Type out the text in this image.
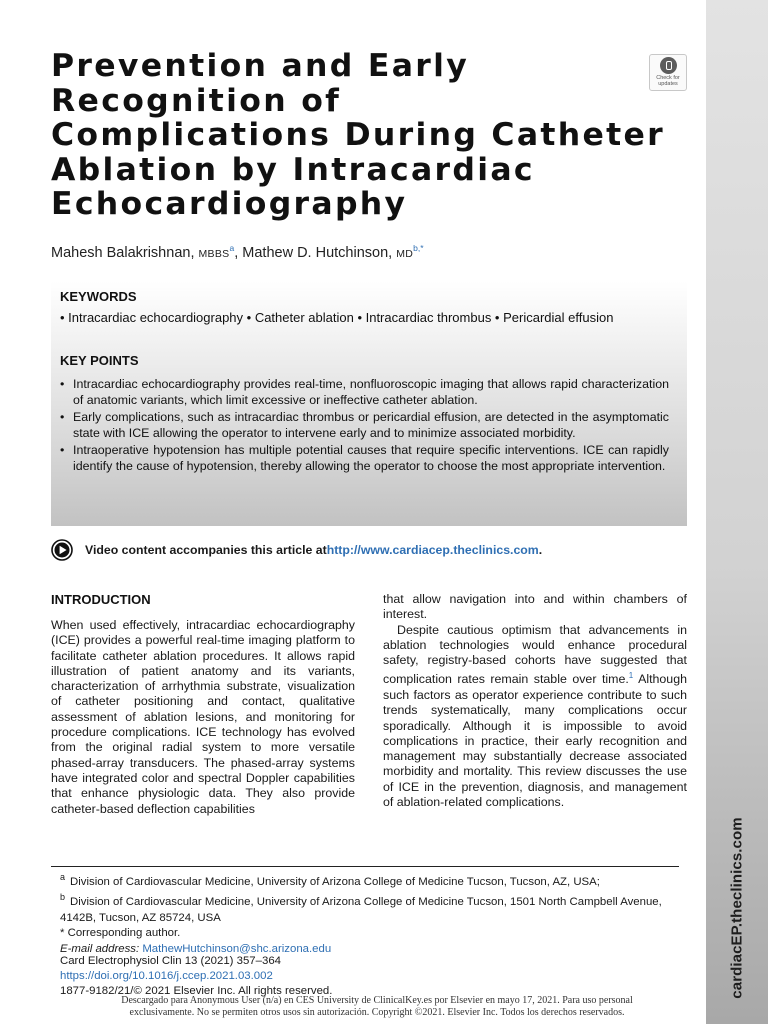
cardiacEP.theclinics.com
Prevention and Early
Recognition of
Complications During Catheter
Ablation by Intracardiac
Echocardiography
Check for
updates
Mahesh Balakrishnan, MBBS$^a$, Mathew D. Hutchinson, $MD^{b,*}$
KEYWORDS
• Intracardiac echocardiography • Catheter ablation • Intracardiac thrombus • Pericardial effusion
KEY POINTS
• Intracardiac echocardiography provides real-time, nonfluoroscopic imaging that allows rapid characterization of anatomic variants, which limit excessive or ineffective catheter ablation.
• Early complications, such as intracardiac thrombus or pericardial effusion, are detected in the asymptomatic state with ICE allowing the operator to intervene early and to minimize associated morbidity.
• Intraoperative hypotension has multiple potential causes that require specific interventions. ICE can rapidly identify the cause of hypotension, thereby allowing the operator to choose the most appropriate intervention.
Video content accompanies this article at http://www.cardiacep.theclinics.com .
INTRODUCTION

When used effectively, intracardiac echocardiography (ICE) provides a powerful real-time imaging platform to facilitate catheter ablation procedures. It allows rapid illustration of patient anatomy and its variants, characterization of arrhythmia substrate, visualization of catheter positioning and contact, qualitative assessment of ablation lesions, and monitoring for procedure complications. ICE technology has evolved from the original radial system to more versatile phased-array transducers. The phased-array systems have integrated color and spectral Doppler capabilities that enhance physiologic data. They also provide catheter-based deflection capabilities

that allow navigation into and within chambers of interest.

Despite cautious optimism that advancements in ablation technologies would enhance procedural safety, registry-based cohorts have suggested that complication rates remain stable over time.$^1$ Although such factors as operator experience contribute to such trends systematically, many complications occur sporadically. Although it is impossible to avoid complications in practice, their early recognition and management may substantially decrease associated morbidity and mortality. This review discusses the use of ICE in the prevention, diagnosis, and management of ablation-related complications.

$^a$ Division of Cardiovascular Medicine, University of Arizona College of Medicine Tucson, Tucson, AZ, USA;

$^b$ Division of Cardiovascular Medicine, University of Arizona College of Medicine Tucson, 1501 North Campbell Avenue, 4142B, Tucson, AZ 85724, USA

* Corresponding author.

E-mail address: MathewHutchinson@shc.arizona.edu

Card Electrophysiol Clin 13 (2021) 357–364

https://doi.org/10.1016/j.ccep.2021.03.002

1877-9182/21/© 2021 Elsevier Inc. All rights reserved.

Descargado para Anonymous User (n/a) en CES University de ClinicalKey.es por Elsevier en mayo 17, 2021. Para uso personal

exclusivamente. No se permiten otros usos sin autorización. Copyright ©2021. Elsevier Inc. Todos los derechos reservados.
